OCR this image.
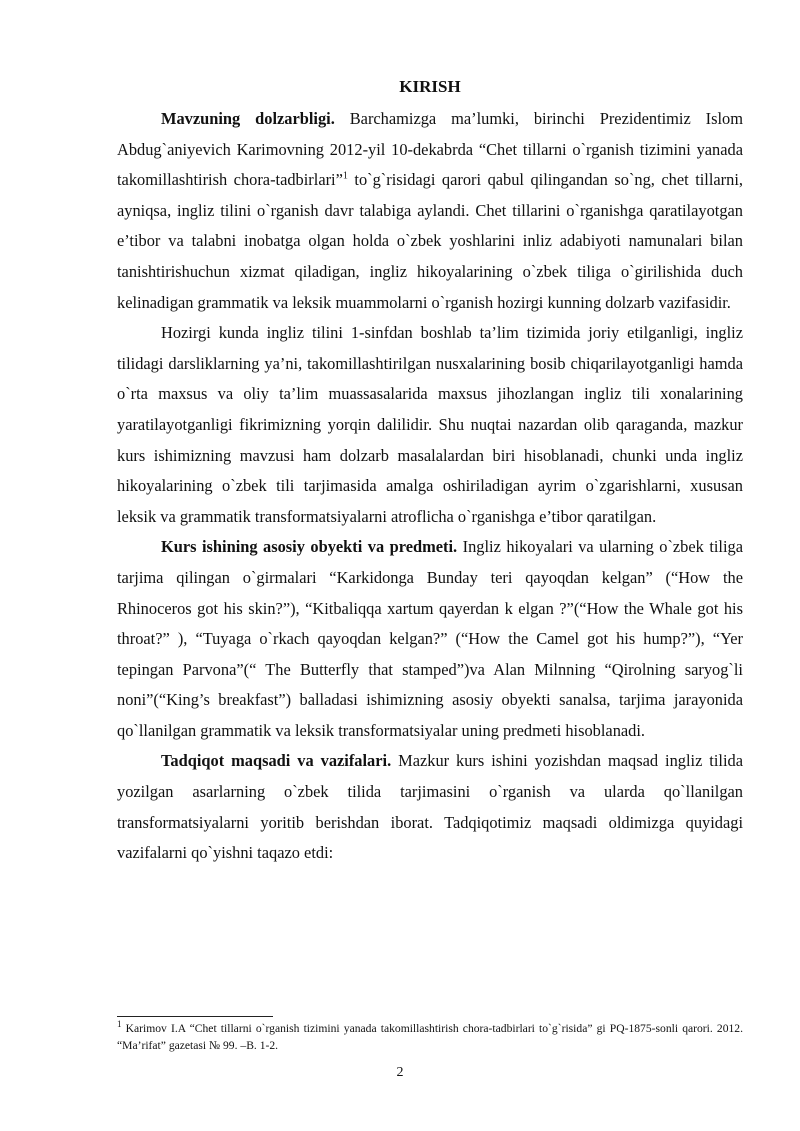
KIRISH

Mavzuning dolzarbligi. Barchamizga ma’lumki, birinchi Prezidentimiz Islom Abdug`aniyevich Karimovning 2012-yil 10-dekabrda “Chet tillarni o`rganish tizimini yanada takomillashtirish chora-tadbirlari”$^1$ to`g`risidagi qarori qabul qilingandan so`ng, chet tillarni, ayniqsa, ingliz tilini o`rganish davr talabiga aylandi. Chet tillarini o`rganishga qaratilayotgan e’tibor va talabni inobatga olgan holda o`zbek yoshlarini inliz adabiyoti namunalari bilan tanishtirishuchun xizmat qiladigan, ingliz hikoyalarining o`zbek tiliga o`girilishida duch kelinadigan grammatik va leksik muammolarni o`rganish hozirgi kunning dolzarb vazifasidir.

Hozirgi kunda ingliz tilini 1-sinfdan boshlab ta’lim tizimida joriy etilganligi, ingliz tilidagi darsliklarning ya’ni, takomillashtirilgan nusxalarining bosib chiqarilayotganligi hamda o`rta maxsus va oliy ta’lim muassasalarida maxsus jihozlangan ingliz tili xonalarining yaratilayotganligi fikrimizning yorqin dalilidir. Shu nuqtai nazardan olib qaraganda, mazkur kurs ishimizning mavzusi ham dolzarb masalalardan biri hisoblanadi, chunki unda ingliz hikoyalarining o`zbek tili tarjimasida amalga oshiriladigan ayrim o`zgarishlarni, xususan leksik va grammatik transformatsiyalarni atroflicha o`rganishga e’tibor qaratilgan.

Kurs ishining asosiy obyekti va predmeti. Ingliz hikoyalari va ularning o`zbek tiliga tarjima qilingan o`girmalari “Karkidonga Bunday teri qayoqdan kelgan” (“How the Rhinoceros got his skin?”), “Kitbaliqqa xartum qayerdan k elgan ?”(“How the Whale got his throat?” ), “Tuyaga o`rkach qayoqdan kelgan?” (“How the Camel got his hump?”), “Yer tepingan Parvona”(“ The Butterfly that stamped”)va Alan Milnning “Qirolning saryog`li noni”(“King’s breakfast”) balladasi ishimizning asosiy obyekti sanalsa, tarjima jarayonida qo`llanilgan grammatik va leksik transformatsiyalar uning predmeti hisoblanadi.

Tadqiqot maqsadi va vazifalari. Mazkur kurs ishini yozishdan maqsad ingliz tilida yozilgan asarlarning o`zbek tilida tarjimasini o`rganish va ularda qo`llanilgan transformatsiyalarni yoritib berishdan iborat. Tadqiqotimiz maqsadi oldimizga quyidagi vazifalarni qo`yishni taqazo etdi:

$^1$ Karimov I.A “Chet tillarni o`rganish tizimini yanada takomillashtirish chora-tadbirlari to`g`risida” gi PQ-1875-sonli qarori. 2012. “Ma’rifat” gazetasi № 99. –B. 1-2.
2
